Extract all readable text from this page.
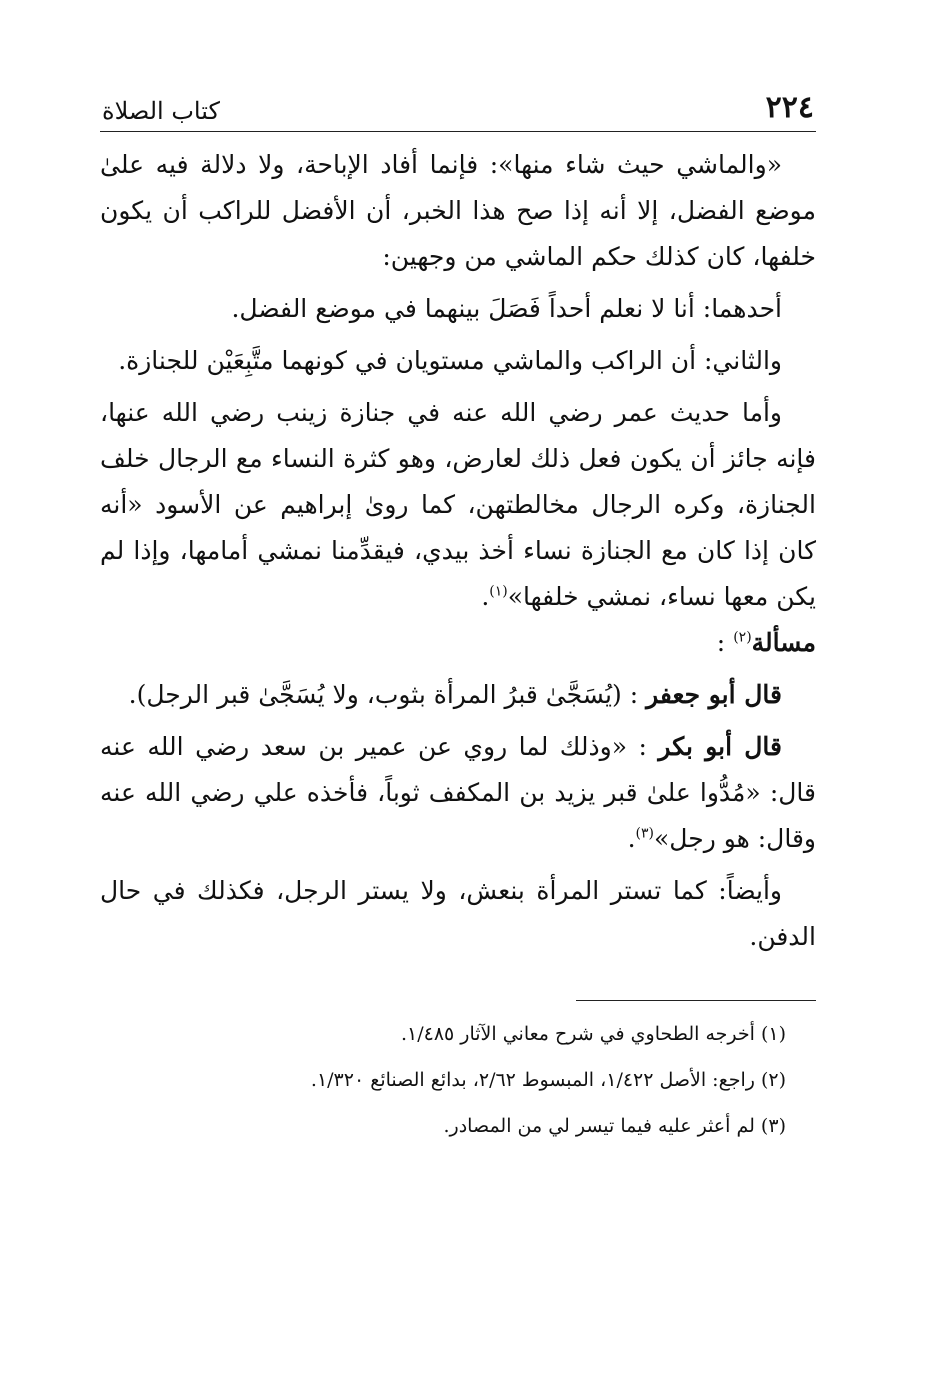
٢٢٤
كتاب الصلاة

«والماشي حيث شاء منها»: فإنما أفاد الإباحة، ولا دلالة فيه علىٰ موضع الفضل، إلا أنه إذا صح هذا الخبر، أن الأفضل للراكب أن يكون خلفها، كان كذلك حكم الماشي من وجهين:

أحدهما: أنا لا نعلم أحداً فَصَلَ بينهما في موضع الفضل.

والثاني: أن الراكب والماشي مستويان في كونهما متَّبِعَيْن للجنازة.

وأما حديث عمر رضي الله عنه في جنازة زينب رضي الله عنها، فإنه جائز أن يكون فعل ذلك لعارض، وهو كثرة النساء مع الرجال خلف الجنازة، وكره الرجال مخالطتهن، كما روىٰ إبراهيم عن الأسود «أنه كان إذا كان مع الجنازة نساء أخذ بيدي، فيقدِّمنا نمشي أمامها، وإذا لم يكن معها نساء، نمشي خلفها»$^{(١)}$.

مسألة$^{(٢)}$ :

قال أبو جعفر : (يُسَجَّىٰ قبرُ المرأة بثوب، ولا يُسَجَّىٰ قبر الرجل).

قال أبو بكر : «وذلك لما روي عن عمير بن سعد رضي الله عنه قال: «مُدُّوا علىٰ قبر يزيد بن المكفف ثوباً، فأخذه علي رضي الله عنه وقال: هو رجل»$^{(٣)}$.

وأيضاً: كما تستر المرأة بنعش، ولا يستر الرجل، فكذلك في حال الدفن.

(١) أخرجه الطحاوي في شرح معاني الآثار ١/٤٨٥.

(٢) راجع: الأصل ١/٤٢٢، المبسوط ٢/٦٢، بدائع الصنائع ١/٣٢٠.

(٣) لم أعثر عليه فيما تيسر لي من المصادر.
